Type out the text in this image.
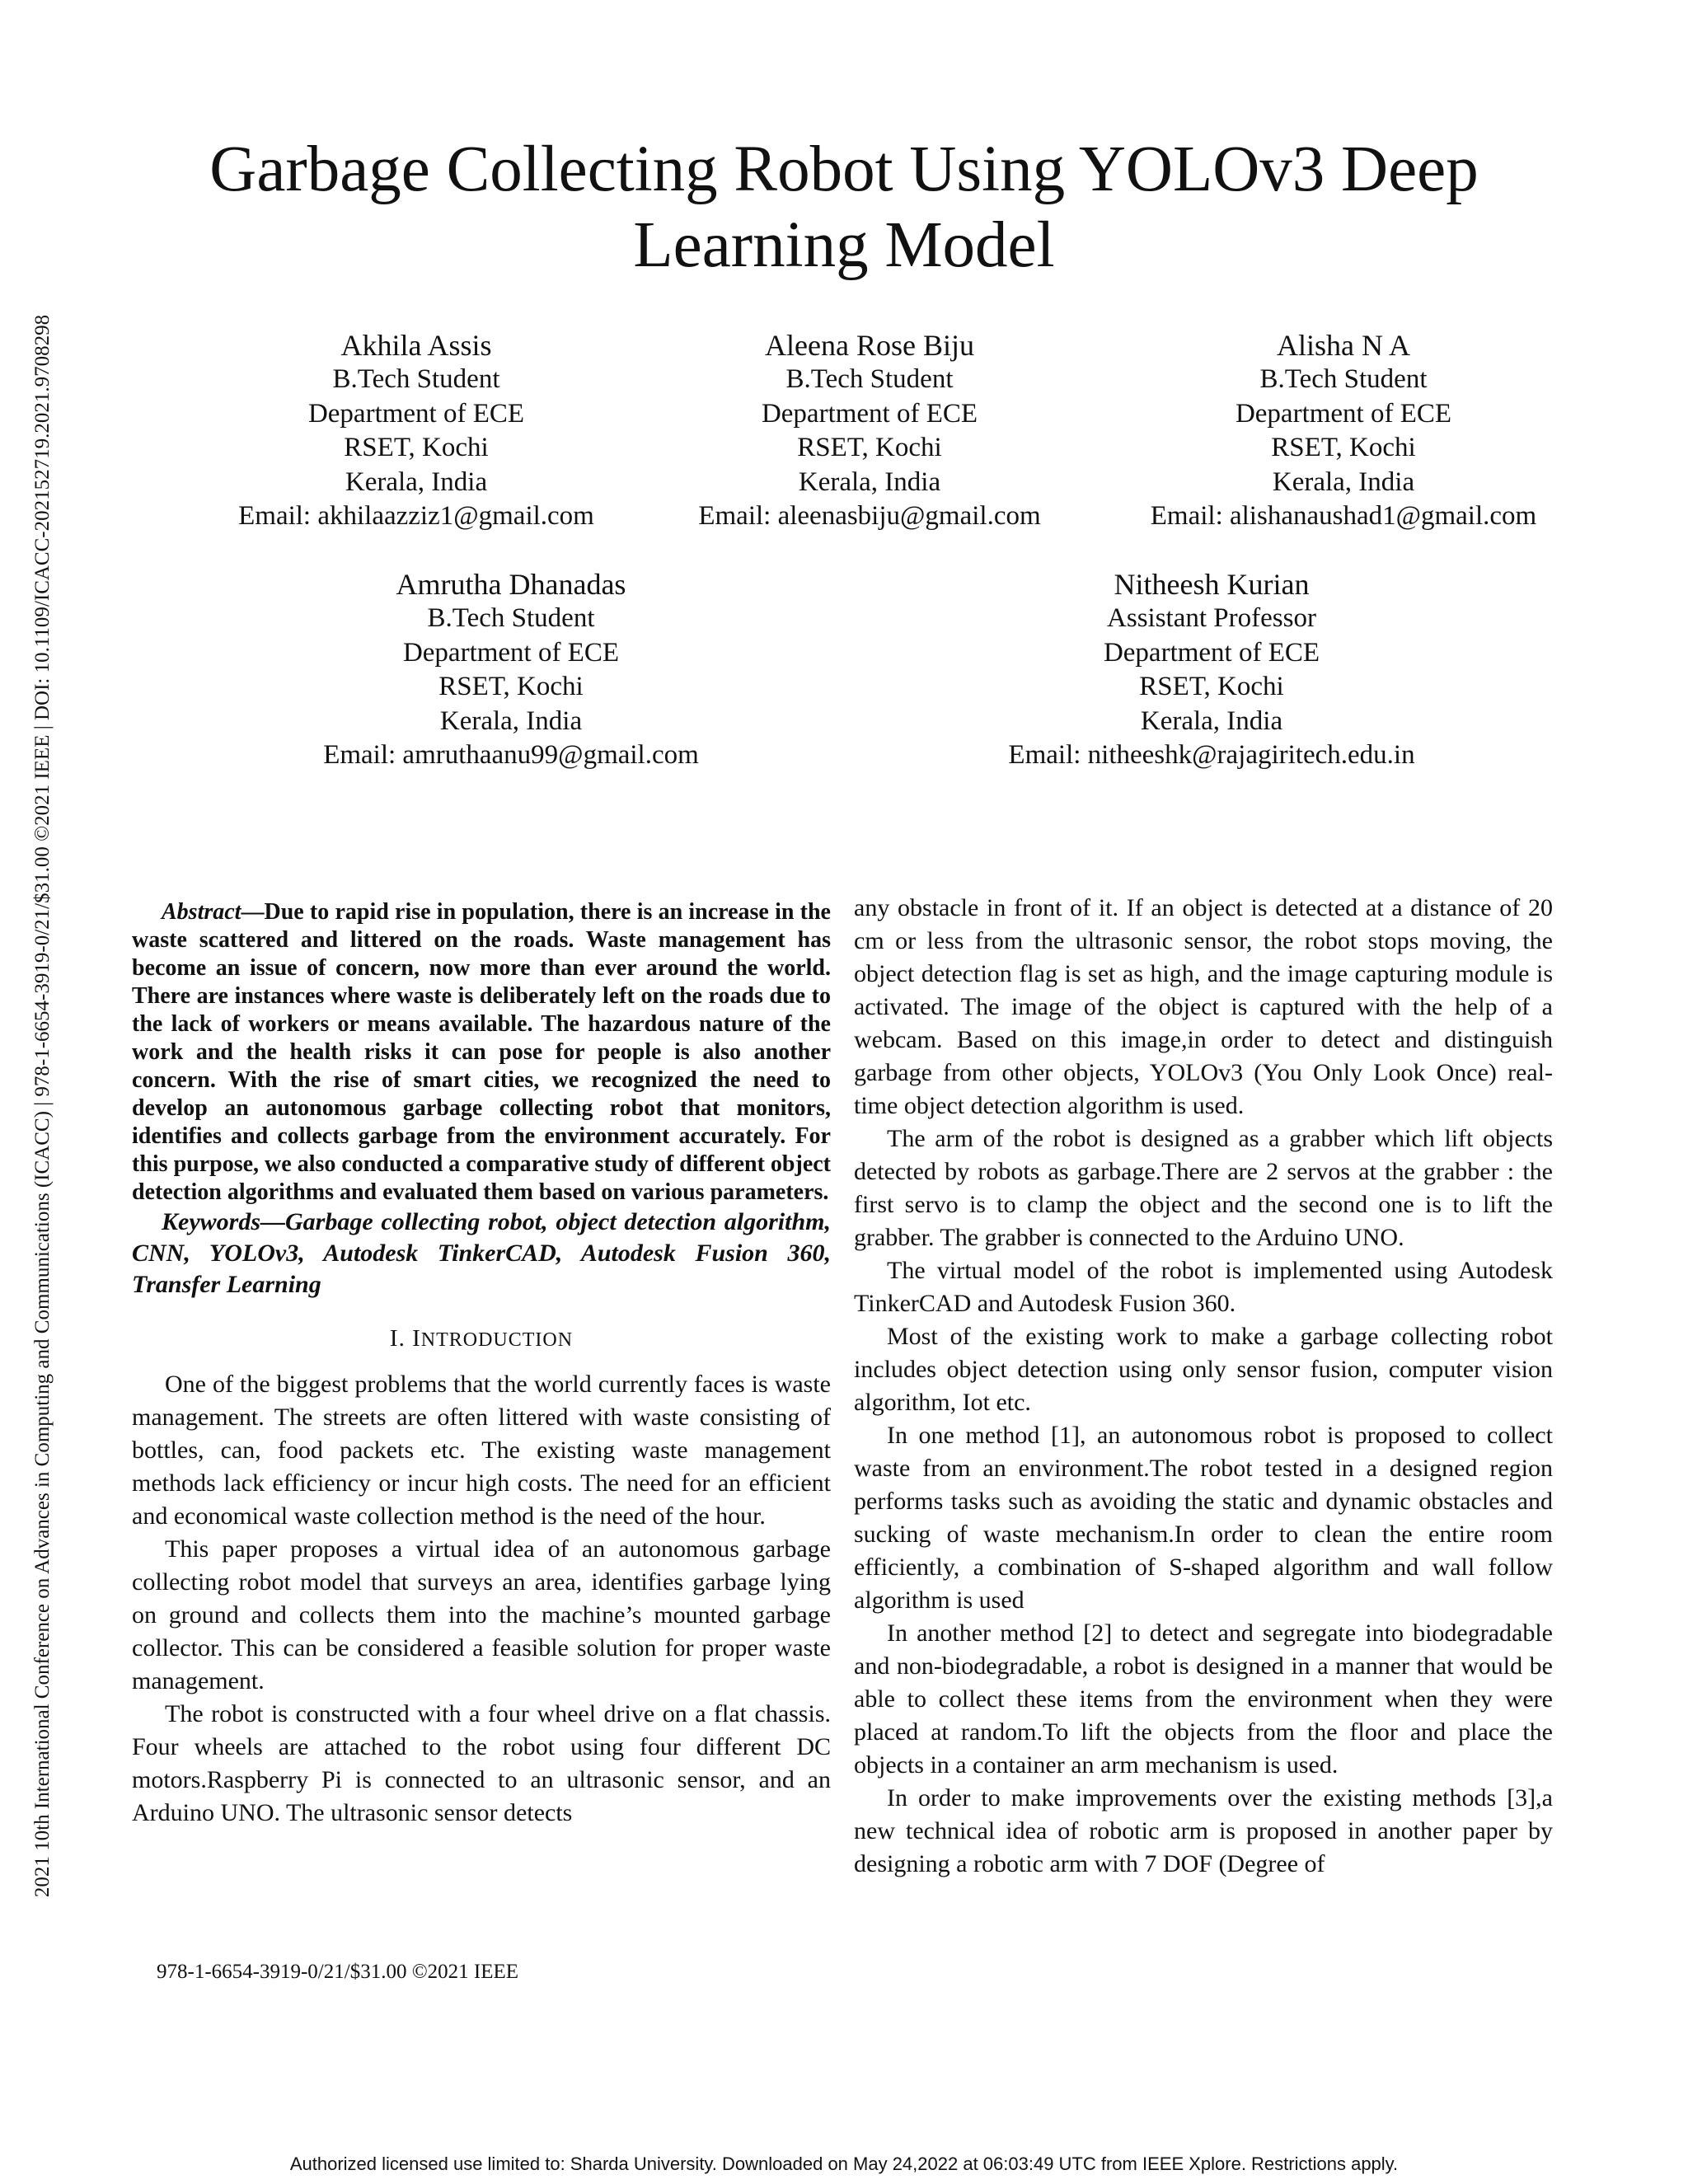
2021 10th International Conference on Advances in Computing and Communications (ICACC) | 978-1-6654-3919-0/21/$31.00 ©2021 IEEE | DOI: 10.1109/ICACC-202152719.2021.9708298
Garbage Collecting Robot Using YOLOv3 Deep Learning Model
Akhila Assis
B.Tech Student
Department of ECE
RSET, Kochi
Kerala, India
Email: akhilaazziz1@gmail.com
Aleena Rose Biju
B.Tech Student
Department of ECE
RSET, Kochi
Kerala, India
Email: aleenasbiju@gmail.com
Alisha N A
B.Tech Student
Department of ECE
RSET, Kochi
Kerala, India
Email: alishanaushad1@gmail.com
Amrutha Dhanadas
B.Tech Student
Department of ECE
RSET, Kochi
Kerala, India
Email: amruthaanu99@gmail.com
Nitheesh Kurian
Assistant Professor
Department of ECE
RSET, Kochi
Kerala, India
Email: nitheeshk@rajagiritech.edu.in

Abstract—Due to rapid rise in population, there is an increase in the waste scattered and littered on the roads. Waste management has become an issue of concern, now more than ever around the world. There are instances where waste is deliberately left on the roads due to the lack of workers or means available. The hazardous nature of the work and the health risks it can pose for people is also another concern. With the rise of smart cities, we recognized the need to develop an autonomous garbage collecting robot that monitors, identifies and collects garbage from the environment accurately. For this purpose, we also conducted a comparative study of different object detection algorithms and evaluated them based on various parameters.

Keywords—Garbage collecting robot, object detection algorithm, CNN, YOLOv3, Autodesk TinkerCAD, Autodesk Fusion 360, Transfer Learning

I. INTRODUCTION

One of the biggest problems that the world currently faces is waste management. The streets are often littered with waste consisting of bottles, can, food packets etc. The existing waste management methods lack efficiency or incur high costs. The need for an efficient and economical waste collection method is the need of the hour.

This paper proposes a virtual idea of an autonomous garbage collecting robot model that surveys an area, identifies garbage lying on ground and collects them into the machine’s mounted garbage collector. This can be considered a feasible solution for proper waste management.

The robot is constructed with a four wheel drive on a flat chassis. Four wheels are attached to the robot using four different DC motors.Raspberry Pi is connected to an ultrasonic sensor, and an Arduino UNO. The ultrasonic sensor detects

978-1-6654-3919-0/21/$31.00 ©2021 IEEE

any obstacle in front of it. If an object is detected at a distance of 20 cm or less from the ultrasonic sensor, the robot stops moving, the object detection flag is set as high, and the image capturing module is activated. The image of the object is captured with the help of a webcam. Based on this image,in order to detect and distinguish garbage from other objects, YOLOv3 (You Only Look Once) real-time object detection algorithm is used.

The arm of the robot is designed as a grabber which lift objects detected by robots as garbage.There are 2 servos at the grabber : the first servo is to clamp the object and the second one is to lift the grabber. The grabber is connected to the Arduino UNO.

The virtual model of the robot is implemented using Autodesk TinkerCAD and Autodesk Fusion 360.

Most of the existing work to make a garbage collecting robot includes object detection using only sensor fusion, computer vision algorithm, Iot etc.

In one method [1], an autonomous robot is proposed to collect waste from an environment.The robot tested in a designed region performs tasks such as avoiding the static and dynamic obstacles and sucking of waste mechanism.In order to clean the entire room efficiently, a combination of S-shaped algorithm and wall follow algorithm is used

In another method [2] to detect and segregate into biodegradable and non-biodegradable, a robot is designed in a manner that would be able to collect these items from the environment when they were placed at random.To lift the objects from the floor and place the objects in a container an arm mechanism is used.

In order to make improvements over the existing methods [3],a new technical idea of robotic arm is proposed in another paper by designing a robotic arm with 7 DOF (Degree of

Authorized licensed use limited to: Sharda University. Downloaded on May 24,2022 at 06:03:49 UTC from IEEE Xplore. Restrictions apply.
